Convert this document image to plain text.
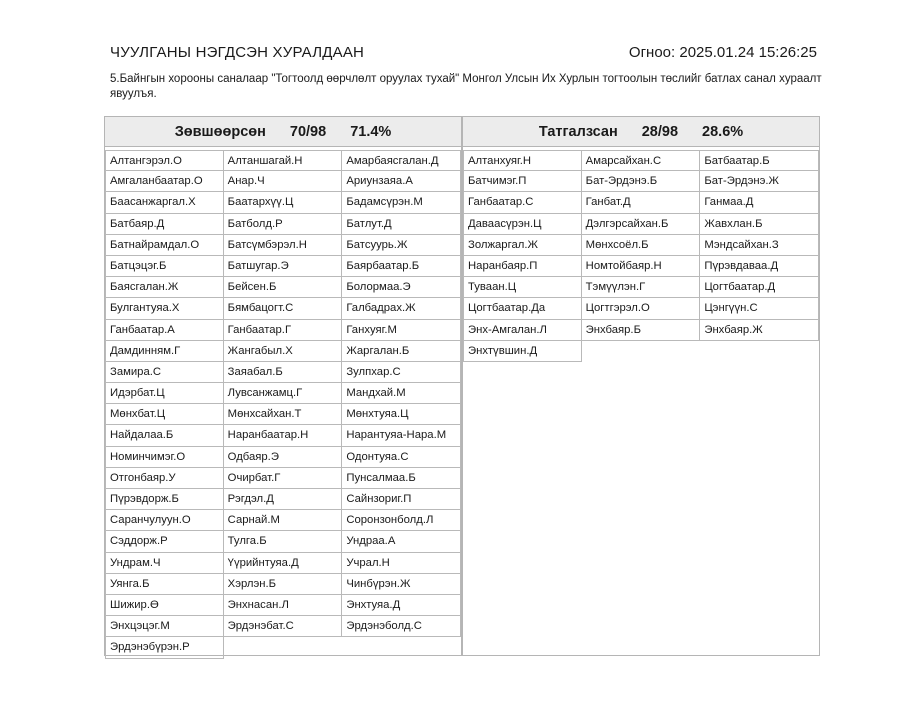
ЧУУЛГАНЫ НЭГДСЭН ХУРАЛДААН	Огноо: 2025.01.24 15:26:25
5.Байнгын хорооны саналаар "Тогтоолд өөрчлөлт оруулах тухай" Монгол Улсын Их Хурлын тогтоолын төслийг батлах санал хураалт явуулъя.
Зөвшөөрсөн 70/98 71.4%
Алтангэрэл.О	Алтаншагай.Н	Амарбаясгалан.Д
Амгаланбаатар.О	Анар.Ч	Ариунзаяа.А
Баасанжаргал.Х	Баатархүү.Ц	Бадамсүрэн.М
Батбаяр.Д	Батболд.Р	Батлут.Д
Батнайрамдал.О	Батсүмбэрэл.Н	Батсуурь.Ж
Батцэцэг.Б	Батшугар.Э	Баярбаатар.Б
Баясгалан.Ж	Бейсен.Б	Болормаа.Э
Булгантуяа.Х	Бямбацогт.С	Галбадрах.Ж
Ганбаатар.А	Ганбаатар.Г	Ганхуяг.М
Дамдинням.Г	Жангабыл.Х	Жаргалан.Б
Замира.С	Заяабал.Б	Зулпхар.С
Идэрбат.Ц	Лувсанжамц.Г	Мандхай.М
Мөнхбат.Ц	Мөнхсайхан.Т	Мөнхтуяа.Ц
Найдалаа.Б	Наранбаатар.Н	Нарантуяа-Нара.М
Номинчимэг.О	Одбаяр.Э	Одонтуяа.С
Отгонбаяр.У	Очирбат.Г	Пунсалмаа.Б
Пүрэвдорж.Б	Рэгдэл.Д	Сайнзориг.П
Саранчулуун.О	Сарнай.М	Соронзонболд.Л
Сэддорж.Р	Тулга.Б	Ундраа.А
Ундрам.Ч	Үүрийнтуяа.Д	Учрал.Н
Уянга.Б	Хэрлэн.Б	Чинбүрэн.Ж
Шижир.Ө	Энхнасан.Л	Энхтуяа.Д
Энхцэцэг.М	Эрдэнэбат.С	Эрдэнэболд.С
Эрдэнэбүрэн.Р
Татгалзсан 28/98 28.6%
Алтанхуяг.Н	Амарсайхан.С	Батбаатар.Б
Батчимэг.П	Бат-Эрдэнэ.Б	Бат-Эрдэнэ.Ж
Ганбаатар.С	Ганбат.Д	Ганмаа.Д
Даваасүрэн.Ц	Дэлгэрсайхан.Б	Жавхлан.Б
Золжаргал.Ж	Мөнхсоёл.Б	Мэндсайхан.З
Наранбаяр.П	Номтойбаяр.Н	Пүрэвдаваа.Д
Туваан.Ц	Тэмүүлэн.Г	Цогтбаатар.Д
Цогтбаатар.Да	Цогтгэрэл.О	Цэнгүүн.С
Энх-Амгалан.Л	Энхбаяр.Б	Энхбаяр.Ж
Энхтүвшин.Д
